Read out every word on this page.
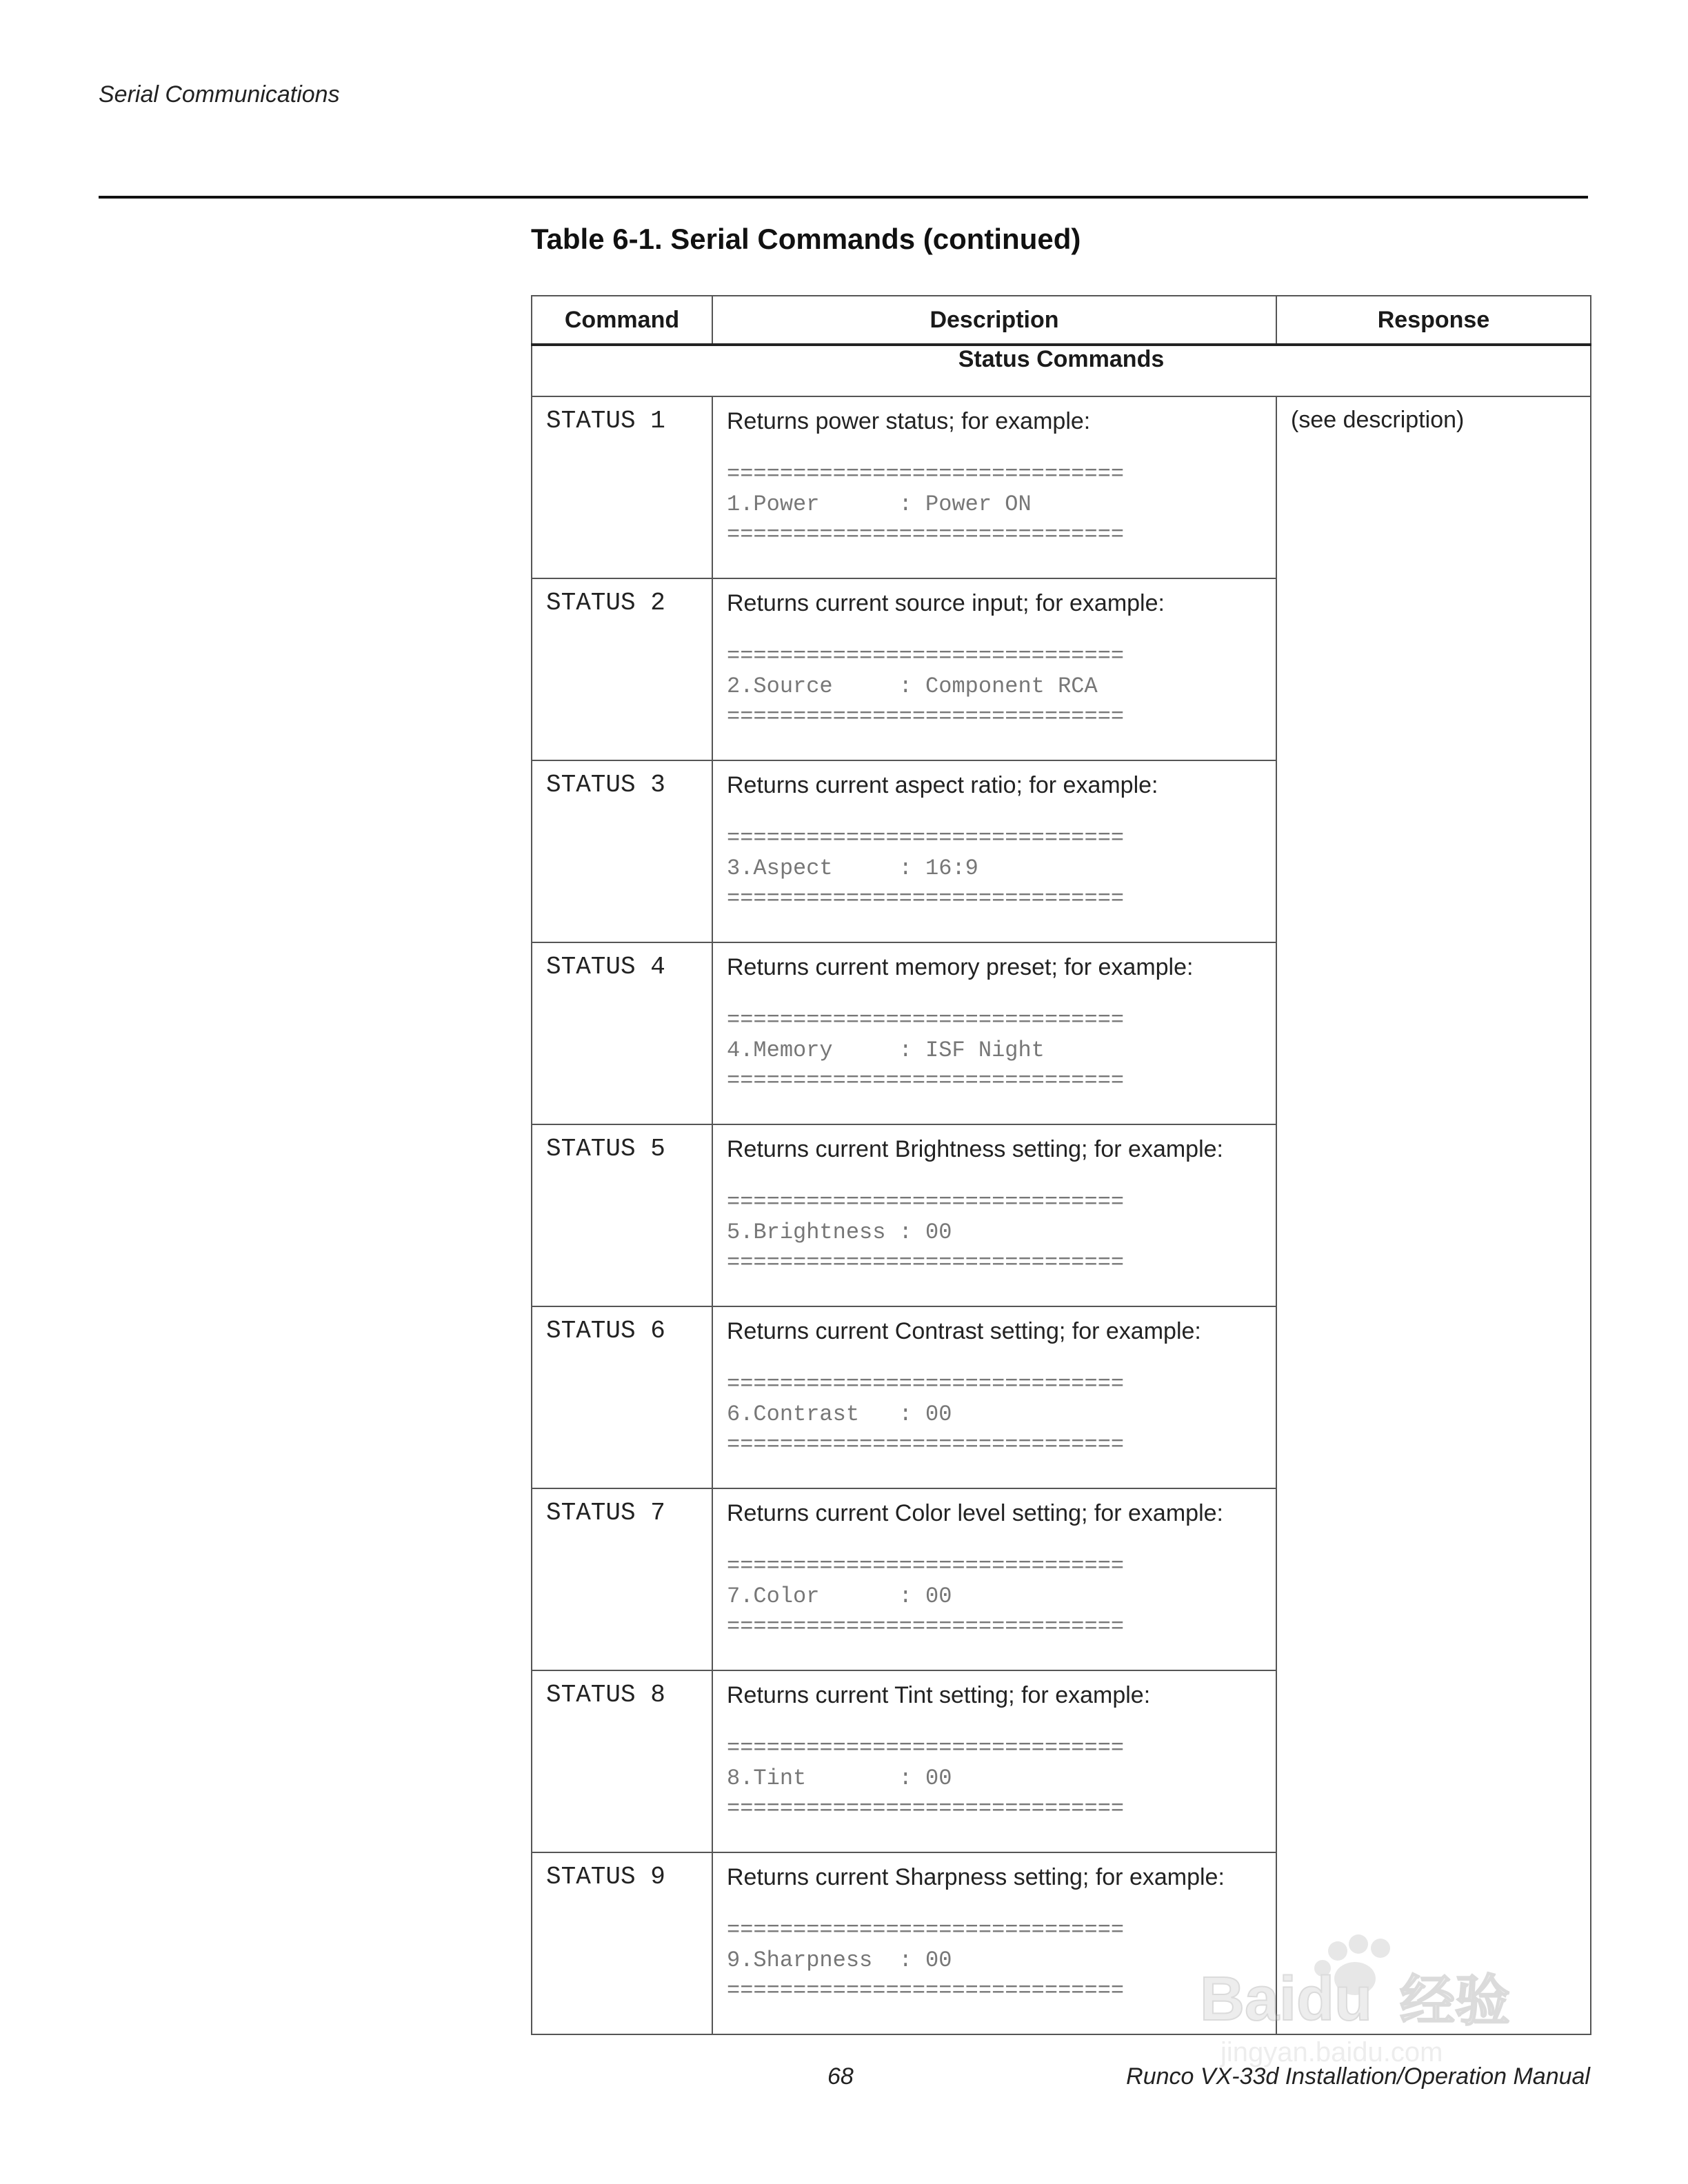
Serial Communications
Table 6-1. Serial Commands (continued)
Command	Description	Response
Status Commands		
STATUS 1	Returns power status; for example:
==============================
1.Power      : Power ON
==============================	(see description)
STATUS 2	Returns current source input; for example:
==============================
2.Source     : Component RCA
==============================	

STATUS 3	Returns current aspect ratio; for example:
==============================
3.Aspect     : 16:9
==============================	

STATUS 4	Returns current memory preset; for example:
==============================
4.Memory     : ISF Night
==============================	

STATUS 5	Returns current Brightness setting; for example:
==============================
5.Brightness : 00
==============================	

STATUS 6	Returns current Contrast setting; for example:
==============================
6.Contrast   : 00
==============================	

STATUS 7	Returns current Color level setting; for example:
==============================
7.Color      : 00
==============================	

STATUS 8	Returns current Tint setting; for example:
==============================
8.Tint       : 00
==============================	

STATUS 9	Returns current Sharpness setting; for example:
==============================
9.Sharpness  : 00
==============================	
68	Runco VX-33d Installation/Operation Manual
Baidu 经验
jingyan.baidu.com
